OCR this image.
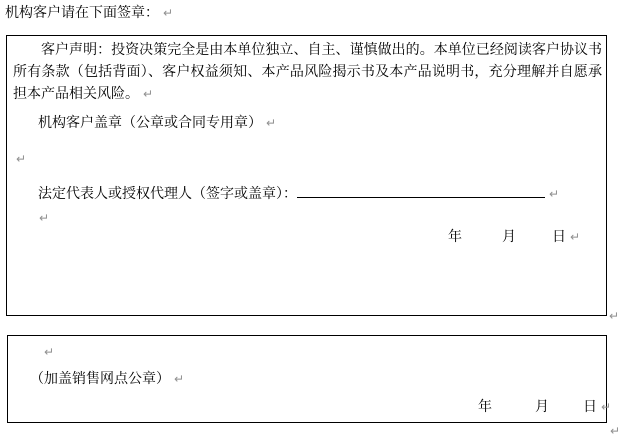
机构客户请在下面签章： ↵

客户声明：投资决策完全是由本单位独立、自主、谨慎做出的。本单位已经阅读客户协议书所有条款（包括背面）、客户权益须知、本产品风险揭示书及本产品说明书，充分理解并自愿承担本产品相关风险。 ↵

机构客户盖章（公章或合同专用章） ↵
↵
法定代表人或授权代理人（签字或盖章）：	↵
↵
年	月	日 ↵
↵
↵
（加盖销售网点公章） ↵
年	月 日 ↵
↵
